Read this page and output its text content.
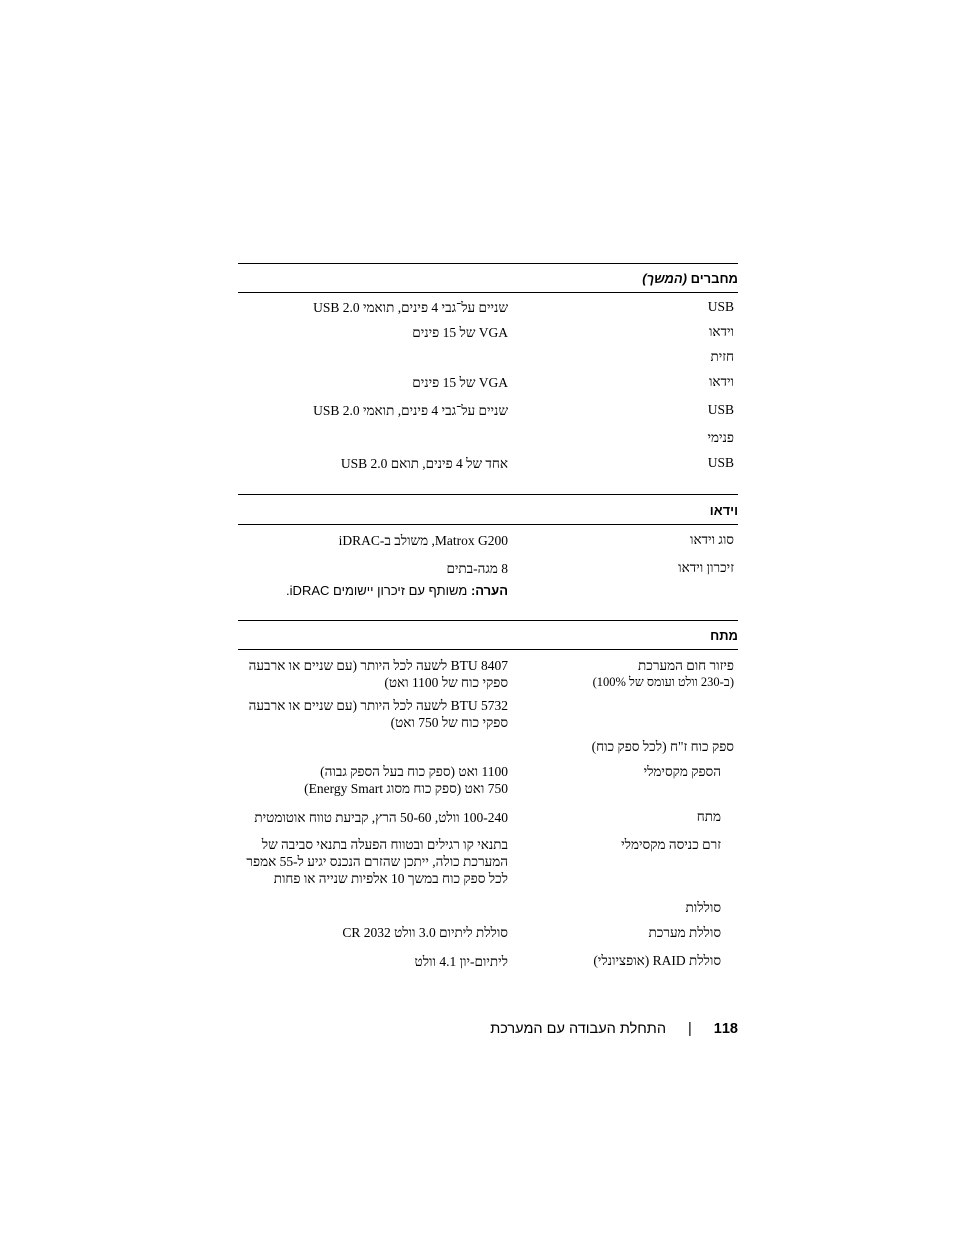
מחברים (המשך)
USB
שניים על־גבי 4 פינים, תואמי USB 2.0
וידאו
VGA של 15 פינים
חזית
וידאו
VGA של 15 פינים
USB
שניים על־גבי 4 פינים, תואמי USB 2.0
פנימי
USB
אחד של 4 פינים, תואם USB 2.0
וידאו
סוג וידאו
Matrox G200, משולב ב-iDRAC
זיכרון וידאו
8 מגה-בתים
הערה: משותף עם זיכרון יישומים iDRAC.
מתח
פיזור חום המערכת
(ב-230 וולט ועומס של 100%)
BTU 8407 לשעה לכל היותר (עם שניים או ארבעה
ספקי כוח של 1100 ואט)
BTU 5732 לשעה לכל היותר (עם שניים או ארבעה
ספקי כוח של 750 ואט)
ספק כוח ז"ח (לכל ספק כוח)
הספק מקסימלי
1100 ואט (ספק כוח בעל הספק גבוה)
750 ואט (ספק כוח מסוג Energy Smart)
מתח
100-240 וולט, 50-60 הרץ, קביעת טווח אוטומטית
זרם כניסה מקסימלי
בתנאי קו רגילים ובטווח הפעלה בתנאי סביבה של
המערכת כולה, ייתכן שהזרם הנכנס יגיע ל-55 אמפר
לכל ספק כוח במשך 10 אלפיות שנייה או פחות
סוללות
סוללת מערכת
סוללת ליתיום 3.0 וולט CR 2032
סוללת RAID (אופציונלי)
ליתיום-יון 4.1 וולט
118|התחלת העבודה עם המערכת
